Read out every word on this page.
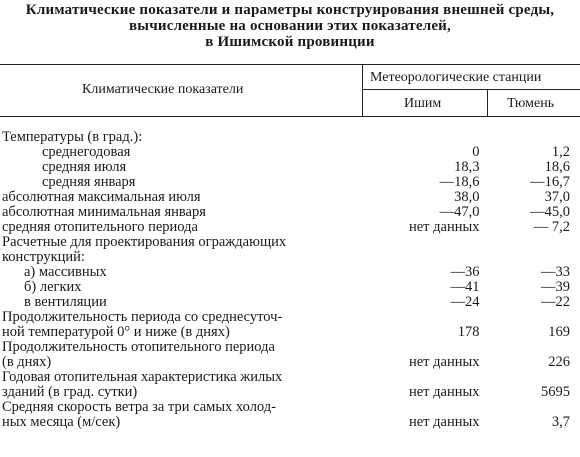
Климатические показатели и параметры конструирования внешней среды,
вычисленные на основании этих показателей,
в Ишимской провинции
Климатические показатели
Метеорологические станции
Ишим	Тюмень
Температуры (в град.):		
среднегодовая	0	1,2
средняя июля	18,3	18,6
средняя января	—18,6	—16,7
абсолютная максимальная июля	38,0	37,0
абсолютная минимальная января	—47,0	—45,0
средняя отопительного периода	нет данных	— 7,2
Расчетные для проектирования ограждающих		
конструкций:		
а) массивных	—36	—33
б) легких	—41	—39
в вентиляции	—24	—22
Продолжительность периода со среднесуточ-		
ной температурой 0° и ниже (в днях)	178	169
Продолжительность отопительного периода		
(в днях)	нет данных	226
Годовая отопительная характеристика жилых		
зданий (в град. сутки)	нет данных	5695
Средняя скорость ветра за три самых холод-		
ных месяца (м/сек)	нет данных	3,7
